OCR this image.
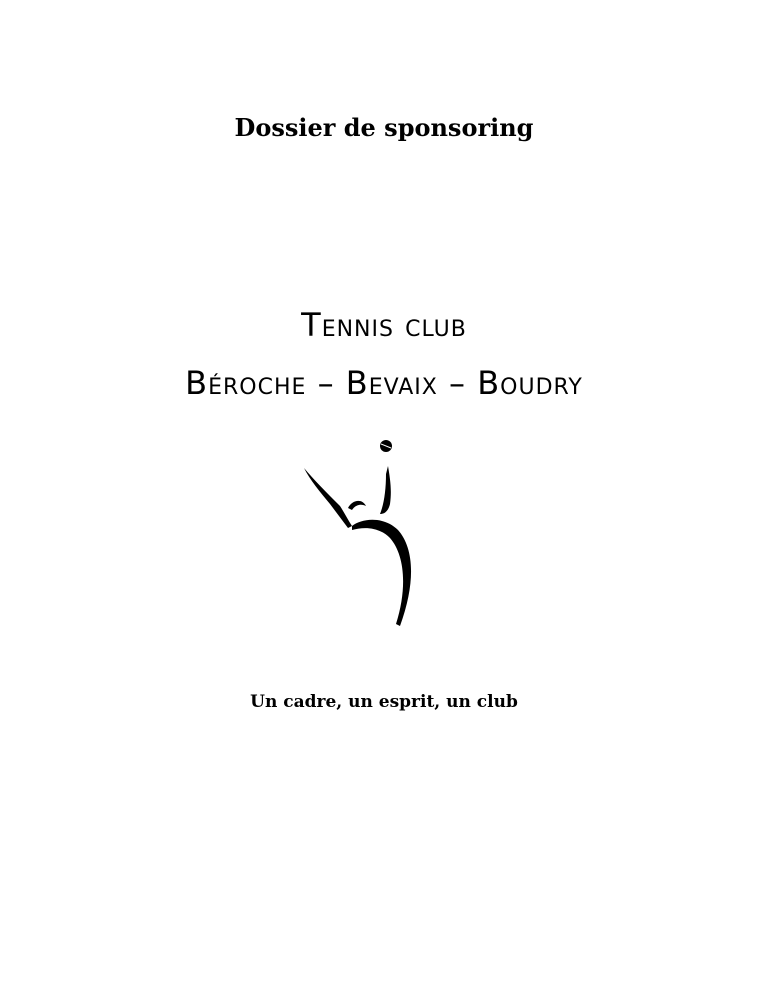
Dossier de sponsoring
Tennis club
Béroche – Bevaix – Boudry
Un cadre, un esprit, un club
